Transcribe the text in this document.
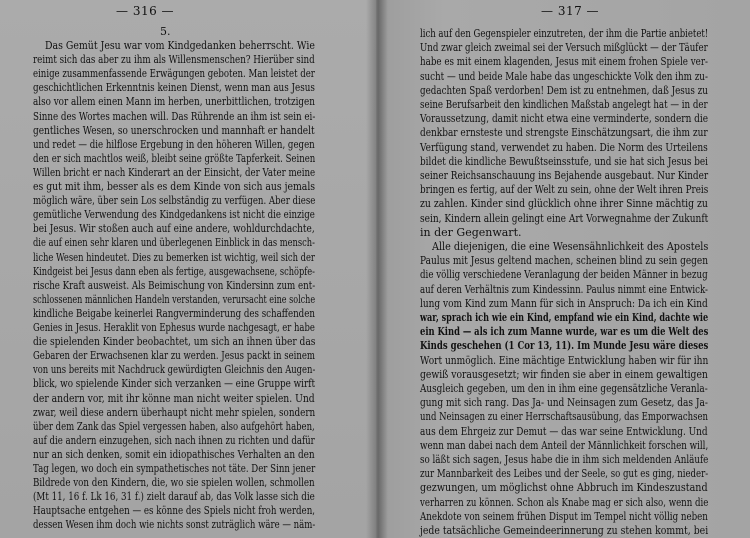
— 316 —
5.
Das Gemüt Jesu war vom Kindgedanken beherrscht. Wie
reimt sich das aber zu ihm als Willensmenschen? Hierüber sind
einige zusammenfassende Erwägungen geboten. Man leistet der
geschichtlichen Erkenntnis keinen Dienst, wenn man aus Jesus
also vor allem einen Mann im herben, unerbittlichen, trotzigen
Sinne des Wortes machen will. Das Rührende an ihm ist sein ei-
gentliches Wesen, so unerschrocken und mannhaft er handelt
und redet — die hilflose Ergebung in den höheren Willen, gegen
den er sich machtlos weiß, bleibt seine größte Tapferkeit. Seinen
Willen bricht er nach Kinderart an der Einsicht, der Vater meine
es gut mit ihm, besser als es dem Kinde von sich aus jemals
möglich wäre, über sein Los selbständig zu verfügen. Aber diese
gemütliche Verwendung des Kindgedankens ist nicht die einzige
bei Jesus. Wir stoßen auch auf eine andere, wohldurchdachte,
die auf einen sehr klaren und überlegenen Einblick in das mensch-
liche Wesen hindeutet. Dies zu bemerken ist wichtig, weil sich der
Kindgeist bei Jesus dann eben als fertige, ausgewachsene, schöpfe-
rische Kraft ausweist. Als Beimischung von Kindersinn zum ent-
schlossenen männlichen Handeln verstanden, verursacht eine solche
kindliche Beigabe keinerlei Rangverminderung des schaffenden
Genies in Jesus. Heraklit von Ephesus wurde nachgesagt, er habe
die spielenden Kinder beobachtet, um sich an ihnen über das
Gebaren der Erwachsenen klar zu werden. Jesus packt in seinem
von uns bereits mit Nachdruck gewürdigten Gleichnis den Augen-
blick, wo spielende Kinder sich verzanken — eine Gruppe wirft
der andern vor, mit ihr könne man nicht weiter spielen. Und
zwar, weil diese andern überhaupt nicht mehr spielen, sondern
über dem Zank das Spiel vergessen haben, also aufgehört haben,
auf die andern einzugehen, sich nach ihnen zu richten und dafür
nur an sich denken, somit ein idiopathisches Verhalten an den
Tag legen, wo doch ein sympathetisches not täte. Der Sinn jener
Bildrede von den Kindern, die, wo sie spielen wollen, schmollen
(Mt 11, 16 f. Lk 16, 31 f.) zielt darauf ab, das Volk lasse sich die
Hauptsache entgehen — es könne des Spiels nicht froh werden,
dessen Wesen ihm doch wie nichts sonst zuträglich wäre — näm-
— 317 —
lich auf den Gegenspieler einzutreten, der ihm die Partie anbietet!
Und zwar gleich zweimal sei der Versuch mißglückt — der Täufer
habe es mit einem klagenden, Jesus mit einem frohen Spiele ver-
sucht — und beide Male habe das ungeschickte Volk den ihm zu-
gedachten Spaß verdorben! Dem ist zu entnehmen, daß Jesus zu
seine Berufsarbeit den kindlichen Maßstab angelegt hat — in der
Voraussetzung, damit nicht etwa eine verminderte, sondern die
denkbar ernsteste und strengste Einschätzungsart, die ihm zur
Verfügung stand, verwendet zu haben. Die Norm des Urteilens
bildet die kindliche Bewußtseinsstufe, und sie hat sich Jesus bei
seiner Reichsanschauung ins Bejahende ausgebaut. Nur Kinder
bringen es fertig, auf der Welt zu sein, ohne der Welt ihren Preis
zu zahlen. Kinder sind glücklich ohne ihrer Sinne mächtig zu
sein, Kindern allein gelingt eine Art Vorwegnahme der Zukunft
in der Gegenwart.
Alle diejenigen, die eine Wesensähnlichkeit des Apostels
Paulus mit Jesus geltend machen, scheinen blind zu sein gegen
die völlig verschiedene Veranlagung der beiden Männer in bezug
auf deren Verhältnis zum Kindessinn. Paulus nimmt eine Entwick-
lung vom Kind zum Mann für sich in Anspruch: Da ich ein Kind
war, sprach ich wie ein Kind, empfand wie ein Kind, dachte wie
ein Kind — als ich zum Manne wurde, war es um die Welt des
Kinds geschehen (1 Cor 13, 11). Im Munde Jesu wäre dieses
Wort unmöglich. Eine mächtige Entwicklung haben wir für ihn
gewiß vorausgesetzt; wir finden sie aber in einem gewaltigen
Ausgleich gegeben, um den in ihm eine gegensätzliche Veranla-
gung mit sich rang. Das Ja- und Neinsagen zum Gesetz, das Ja-
und Neinsagen zu einer Herrschaftsausübung, das Emporwachsen
aus dem Ehrgeiz zur Demut — das war seine Entwicklung. Und
wenn man dabei nach dem Anteil der Männlichkeit forschen will,
so läßt sich sagen, Jesus habe die in ihm sich meldenden Anläufe
zur Mannbarkeit des Leibes und der Seele, so gut es ging, nieder-
gezwungen, um möglichst ohne Abbruch im Kindeszustand
verharren zu können. Schon als Knabe mag er sich also, wenn die
Anekdote von seinem frühen Disput im Tempel nicht völlig neben
jede tatsächliche Gemeindeerinnerung zu stehen kommt, bei
